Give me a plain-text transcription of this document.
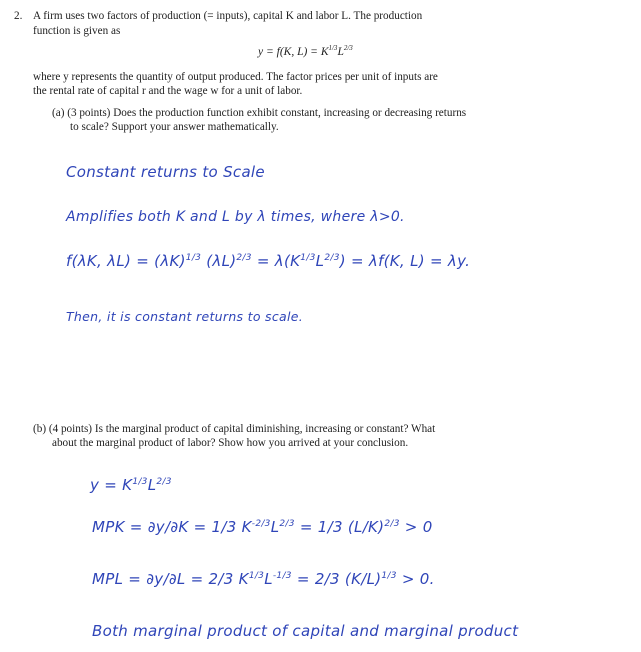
2. A firm uses two factors of production (= inputs), capital K and labor L. The production
function is given as
y = f(K, $L) = K^{1/3}L^{2/3}$
where y represents the quantity of output produced. The factor prices per unit of inputs are
the rental rate of capital r and the wage w for a unit of labor.
(a) (3 points) Does the production function exhibit constant, increasing or decreasing returns
to scale? Support your answer mathematically.
Constant returns to Scale
Amplifies both K and L by λ times, where λ>0.
f(λK, $\lambda L) = (\lambda K)^{1/3}$ $(\lambda L)^{2/3} = \lambda(K^{1/3}L^{2/3}) = \lambda f(K$, L) = λy.
Then, it is constant returns to scale.
(b) (4 points) Is the marginal product of capital diminishing, increasing or constant? What
about the marginal product of labor? Show how you arrived at your conclusion.
$y = K^{1/3}L^{2/3}$
MPK = ∂y/∂K = 1/3 $K^{-2/3}L^{2/3} = 1/3$ $(L/K)^{2/3} > 0$
MPL = ∂y/∂L = 2/3 $K^{1/3}L^{-1/3} = 2/3$ $(K/L)^{1/3} > 0$.
Both marginal product of capital and marginal product
